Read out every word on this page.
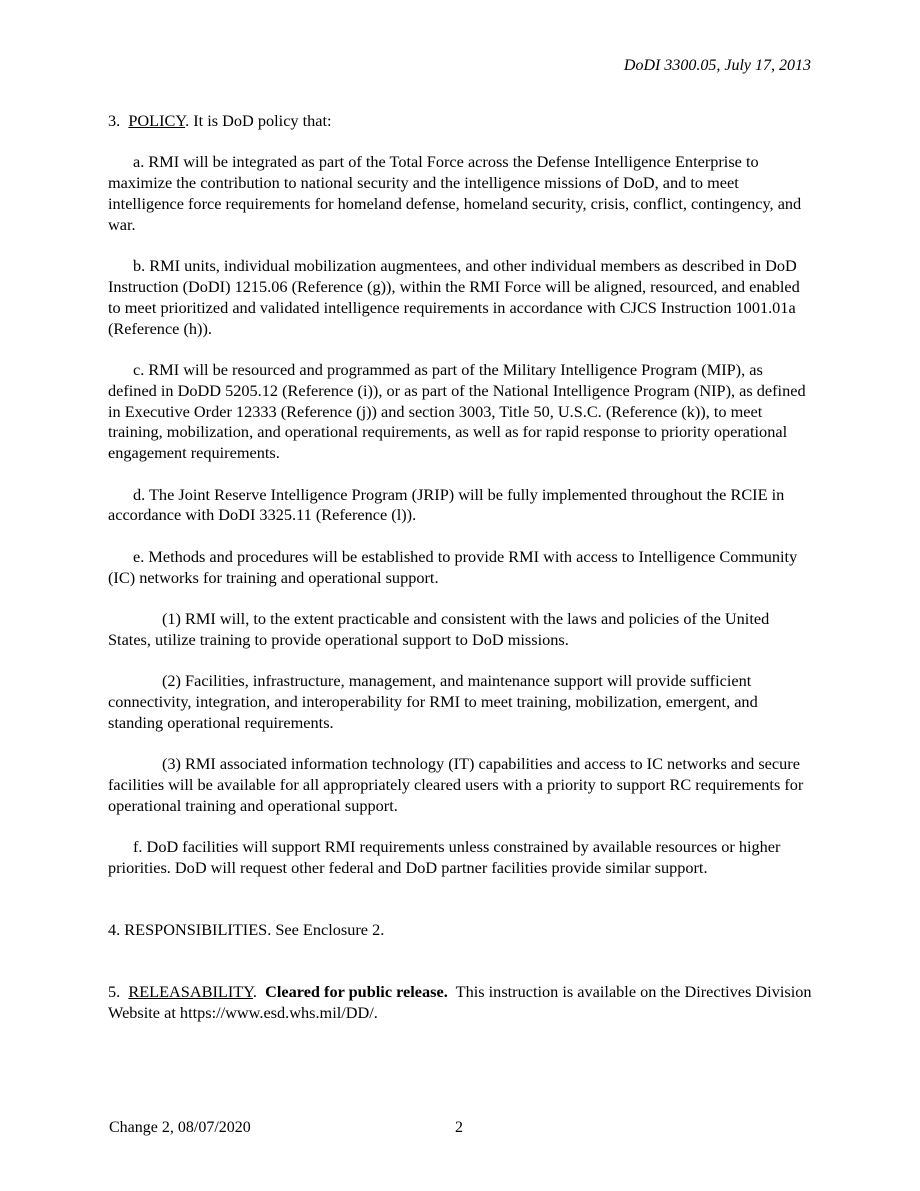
DoDI 3300.05, July 17, 2013

3. POLICY. It is DoD policy that:

a. RMI will be integrated as part of the Total Force across the Defense Intelligence Enterprise to maximize the contribution to national security and the intelligence missions of DoD, and to meet intelligence force requirements for homeland defense, homeland security, crisis, conflict, contingency, and war.

b. RMI units, individual mobilization augmentees, and other individual members as described in DoD Instruction (DoDI) 1215.06 (Reference (g)), within the RMI Force will be aligned, resourced, and enabled to meet prioritized and validated intelligence requirements in accordance with CJCS Instruction 1001.01a (Reference (h)).

c. RMI will be resourced and programmed as part of the Military Intelligence Program (MIP), as defined in DoDD 5205.12 (Reference (i)), or as part of the National Intelligence Program (NIP), as defined in Executive Order 12333 (Reference (j)) and section 3003, Title 50, U.S.C. (Reference (k)), to meet training, mobilization, and operational requirements, as well as for rapid response to priority operational engagement requirements.

d. The Joint Reserve Intelligence Program (JRIP) will be fully implemented throughout the RCIE in accordance with DoDI 3325.11 (Reference (l)).

e. Methods and procedures will be established to provide RMI with access to Intelligence Community (IC) networks for training and operational support.

(1) RMI will, to the extent practicable and consistent with the laws and policies of the United States, utilize training to provide operational support to DoD missions.

(2) Facilities, infrastructure, management, and maintenance support will provide sufficient connectivity, integration, and interoperability for RMI to meet training, mobilization, emergent, and standing operational requirements.

(3) RMI associated information technology (IT) capabilities and access to IC networks and secure facilities will be available for all appropriately cleared users with a priority to support RC requirements for operational training and operational support.

f. DoD facilities will support RMI requirements unless constrained by available resources or higher priorities. DoD will request other federal and DoD partner facilities provide similar support.

4. RESPONSIBILITIES. See Enclosure 2.

5. RELEASABILITY.  Cleared for public release.  This instruction is available on the Directives Division Website at https://www.esd.whs.mil/DD/.

Change 2, 08/07/2020	2
